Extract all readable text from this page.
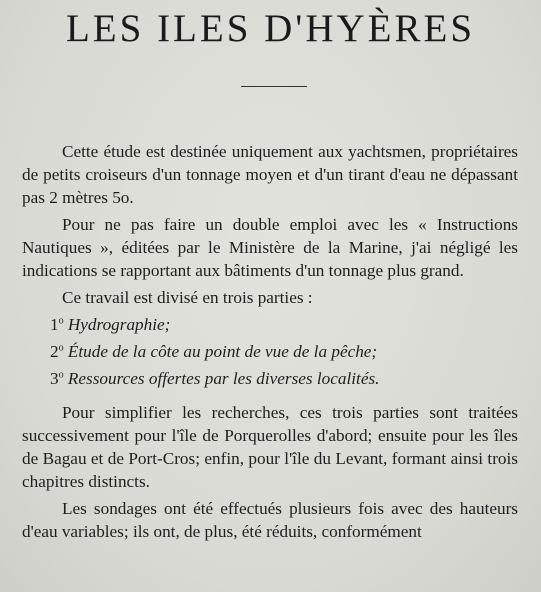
LES ILES D'HYÈRES

Cette étude est destinée uniquement aux yachtsmen, propriétaires de petits croiseurs d'un tonnage moyen et d'un tirant d'eau ne dépassant pas 2 mètres 5o.

Pour ne pas faire un double emploi avec les « Instructions Nautiques », éditées par le Ministère de la Marine, j'ai négligé les indications se rapportant aux bâtiments d'un tonnage plus grand.

Ce travail est divisé en trois parties :

1$^o$ Hydrographie;
2$^o$ Étude de la côte au point de vue de la pêche;
3$^o$ Ressources offertes par les diverses localités.

Pour simplifier les recherches, ces trois parties sont traitées successivement pour l'île de Porquerolles d'abord; ensuite pour les îles de Bagau et de Port-Cros; enfin, pour l'île du Levant, formant ainsi trois chapitres distincts.

Les sondages ont été effectués plusieurs fois avec des hauteurs d'eau variables; ils ont, de plus, été réduits, conformément
